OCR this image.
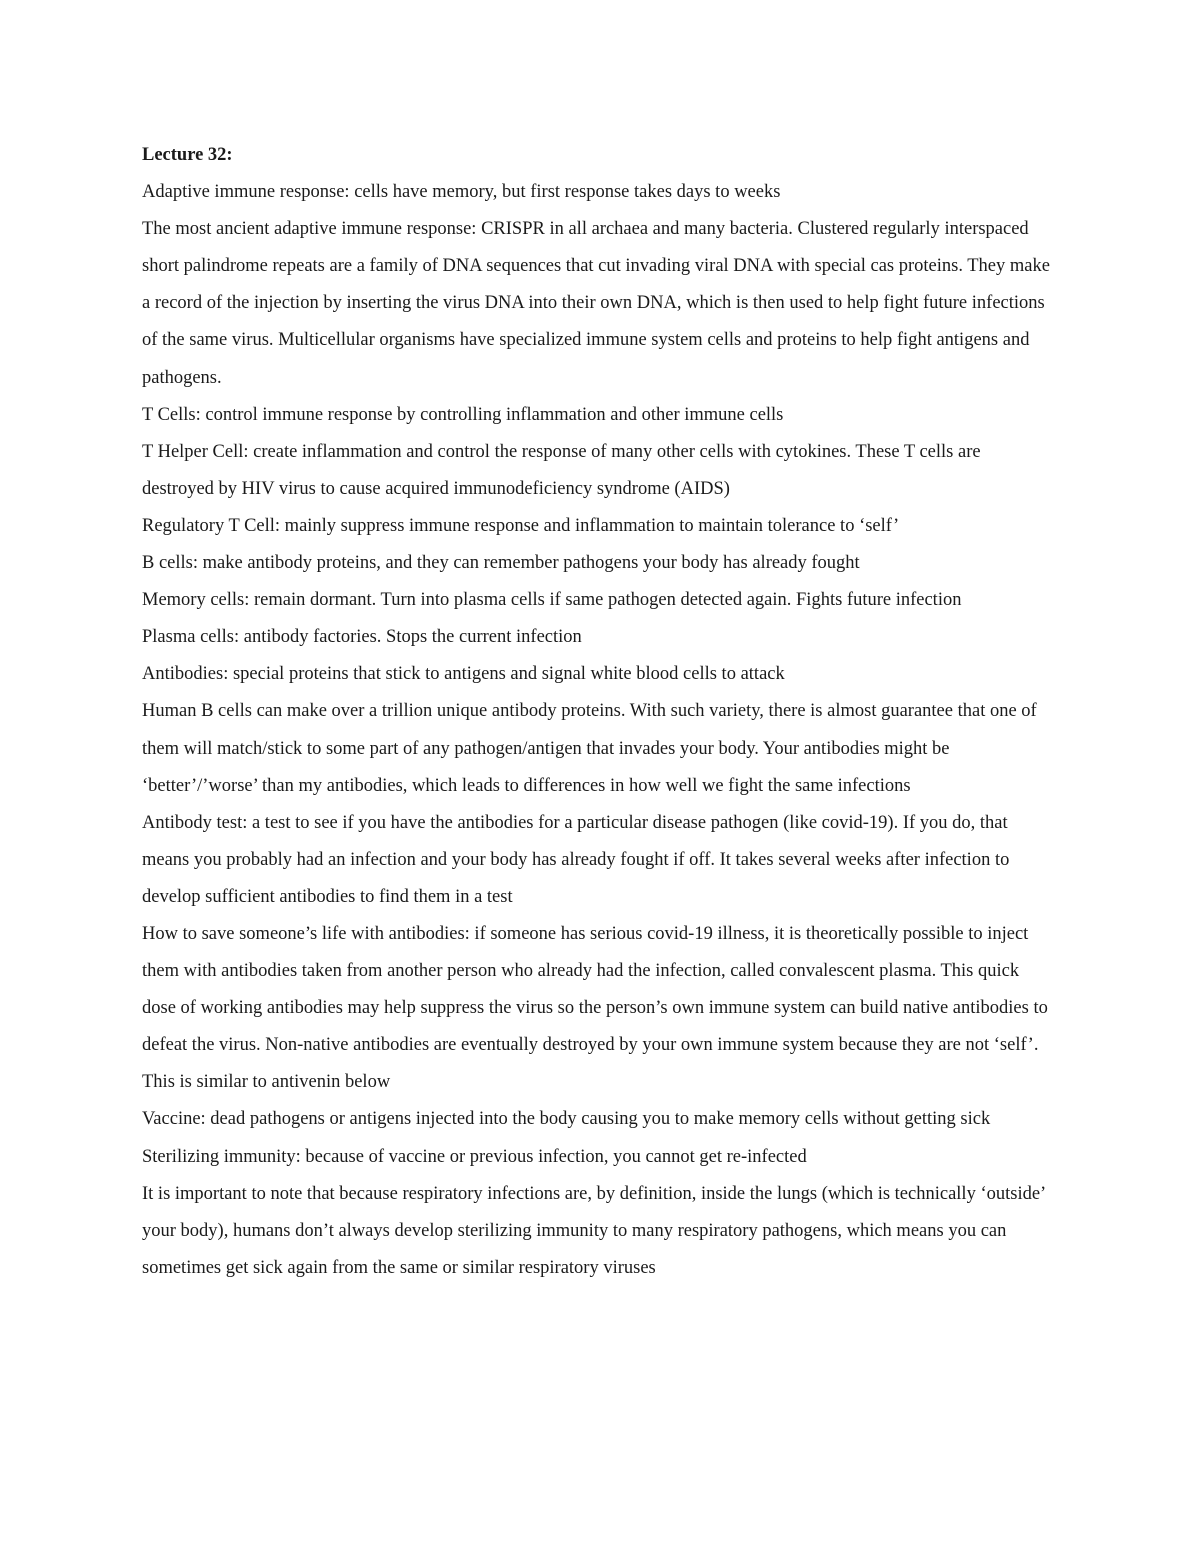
Lecture 32:

Adaptive immune response: cells have memory, but first response takes days to weeks

The most ancient adaptive immune response: CRISPR in all archaea and many bacteria. Clustered regularly interspaced short palindrome repeats are a family of DNA sequences that cut invading viral DNA with special cas proteins. They make a record of the injection by inserting the virus DNA into their own DNA, which is then used to help fight future infections of the same virus. Multicellular organisms have specialized immune system cells and proteins to help fight antigens and pathogens.

T Cells: control immune response by controlling inflammation and other immune cells

T Helper Cell: create inflammation and control the response of many other cells with cytokines. These T cells are destroyed by HIV virus to cause acquired immunodeficiency syndrome (AIDS)

Regulatory T Cell: mainly suppress immune response and inflammation to maintain tolerance to ‘self’

B cells: make antibody proteins, and they can remember pathogens your body has already fought

Memory cells: remain dormant. Turn into plasma cells if same pathogen detected again. Fights future infection

Plasma cells: antibody factories. Stops the current infection

Antibodies: special proteins that stick to antigens and signal white blood cells to attack

Human B cells can make over a trillion unique antibody proteins. With such variety, there is almost guarantee that one of them will match/stick to some part of any pathogen/antigen that invades your body. Your antibodies might be ‘better’/’worse’ than my antibodies, which leads to differences in how well we fight the same infections

Antibody test: a test to see if you have the antibodies for a particular disease pathogen (like covid-19). If you do, that means you probably had an infection and your body has already fought if off. It takes several weeks after infection to develop sufficient antibodies to find them in a test

How to save someone’s life with antibodies: if someone has serious covid-19 illness, it is theoretically possible to inject them with antibodies taken from another person who already had the infection, called convalescent plasma. This quick dose of working antibodies may help suppress the virus so the person’s own immune system can build native antibodies to defeat the virus. Non-native antibodies are eventually destroyed by your own immune system because they are not ‘self’. This is similar to antivenin below

Vaccine: dead pathogens or antigens injected into the body causing you to make memory cells without getting sick

Sterilizing immunity: because of vaccine or previous infection, you cannot get re-infected

It is important to note that because respiratory infections are, by definition, inside the lungs (which is technically ‘outside’ your body), humans don’t always develop sterilizing immunity to many respiratory pathogens, which means you can sometimes get sick again from the same or similar respiratory viruses
